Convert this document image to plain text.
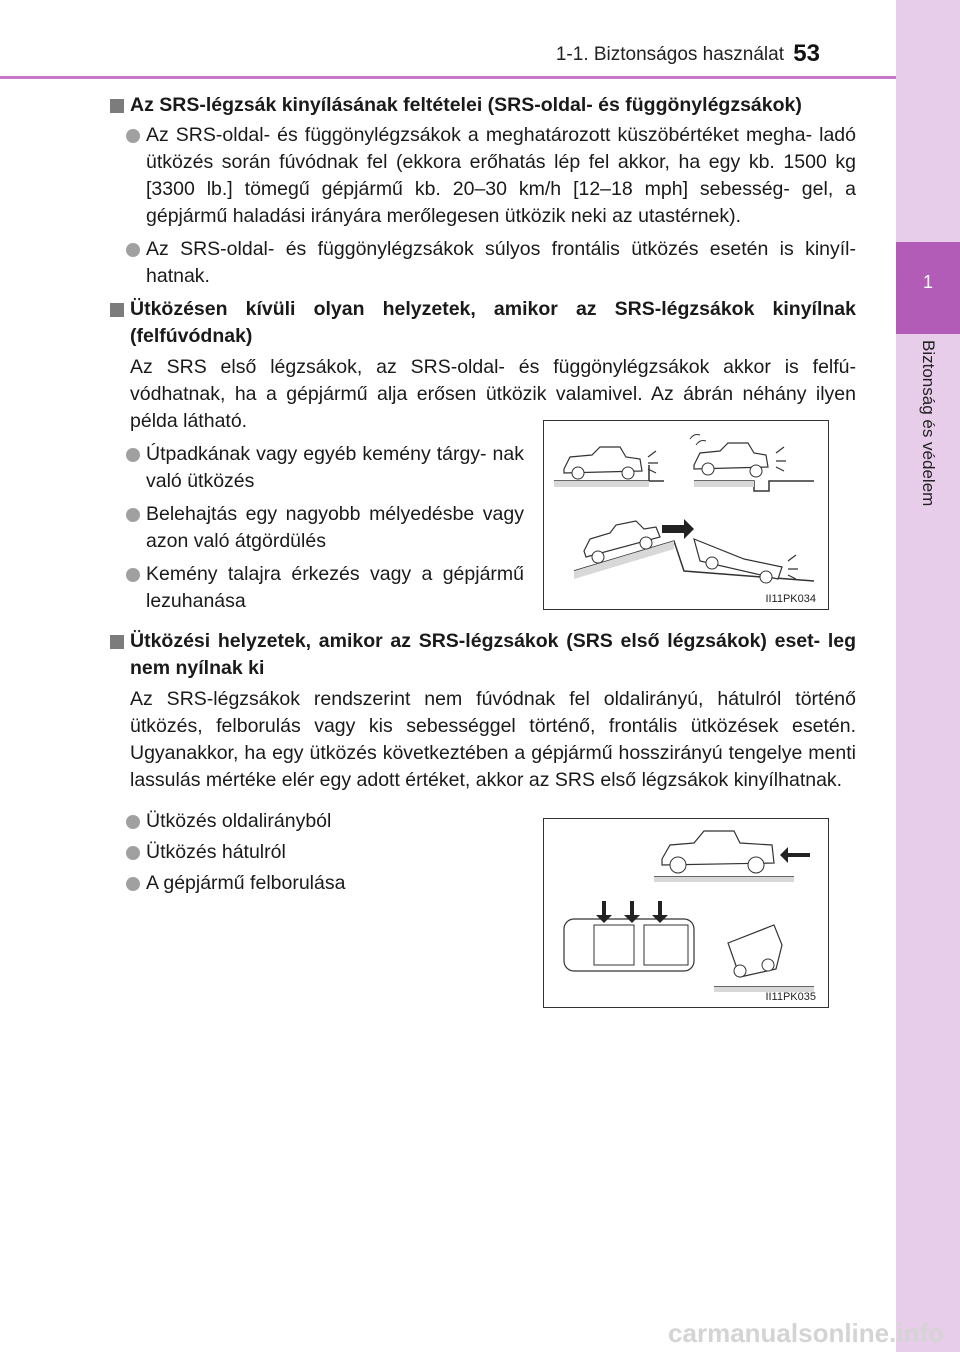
1-1. Biztonságos használat 53
1
Biztonság és védelem
Az SRS-légzsák kinyílásának feltételei (SRS-oldal- és függönylégzsákok)
Az SRS-oldal- és függönylégzsákok a meghatározott küszöbértéket megha- ladó ütközés során fúvódnak fel (ekkora erőhatás lép fel akkor, ha egy kb. 1500 kg [3300 lb.] tömegű gépjármű kb. 20–30 km/h [12–18 mph] sebesség- gel, a gépjármű haladási irányára merőlegesen ütközik neki az utastérnek).
Az SRS-oldal- és függönylégzsákok súlyos frontális ütközés esetén is kinyíl- hatnak.
Ütközésen kívüli olyan helyzetek, amikor az SRS-légzsákok kinyílnak (felfúvódnak)
Az SRS első légzsákok, az SRS-oldal- és függönylégzsákok akkor is felfú- vódhatnak, ha a gépjármű alja erősen ütközik valamivel. Az ábrán néhány ilyen példa látható.
Útpadkának vagy egyéb kemény tárgy- nak való ütközés
Belehajtás egy nagyobb mélyedésbe vagy azon való átgördülés
Kemény talajra érkezés vagy a gépjármű lezuhanása	II11PK034
Ütközési helyzetek, amikor az SRS-légzsákok (SRS első légzsákok) eset- leg nem nyílnak ki
Az SRS-légzsákok rendszerint nem fúvódnak fel oldalirányú, hátulról történő ütközés, felborulás vagy kis sebességgel történő, frontális ütközések esetén. Ugyanakkor, ha egy ütközés következtében a gépjármű hosszirányú tengelye menti lassulás mértéke elér egy adott értéket, akkor az SRS első légzsákok kinyílhatnak.
Ütközés oldalirányból
Ütközés hátulról
A gépjármű felborulása
II11PK035
carmanualsonline.info
